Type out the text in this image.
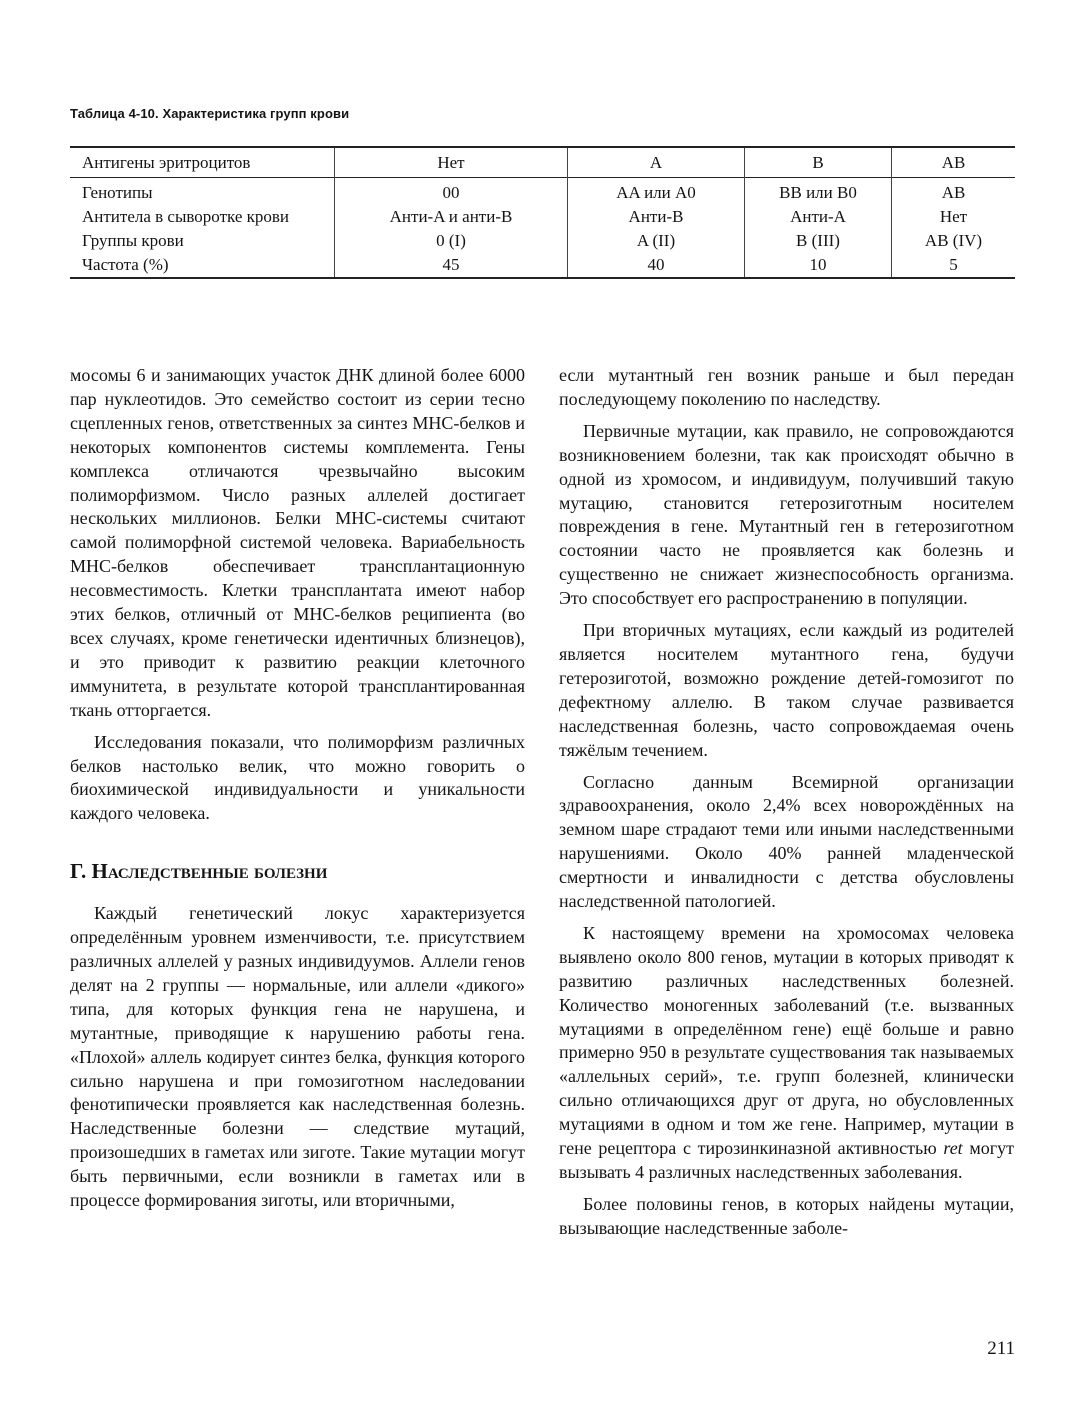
Таблица 4-10. Характеристика групп крови
Антигены эритроцитов	Нет	A	B	AB
Генотипы	00	AA или A0	BB или B0	AB
Антитела в сыворотке крови	Анти-A и анти-B	Анти-B	Анти-A	Нет
Группы крови	0 (I)	A (II)	B (III)	AB (IV)
Частота (%)	45	40	10	5

мосомы 6 и занимающих участок ДНК длиной более 6000 пар нуклеотидов. Это семейство состоит из серии тесно сцепленных генов, ответственных за синтез MHC-белков и некоторых компонентов системы комплемента. Гены комплекса отличаются чрезвычайно высоким полиморфизмом. Число разных аллелей достигает нескольких миллионов. Белки MHC-системы считают самой полиморфной системой человека. Вариабельность MHC-белков обеспечивает трансплантационную несовместимость. Клетки трансплантата имеют набор этих белков, отличный от MHC-белков реципиента (во всех случаях, кроме генетически идентичных близнецов), и это приводит к развитию реакции клеточного иммунитета, в результате которой трансплантированная ткань отторгается.

Исследования показали, что полиморфизм различных белков настолько велик, что можно говорить о биохимической индивидуальности и уникальности каждого человека.

Г. Наследственные болезни

Каждый генетический локус характеризуется определённым уровнем изменчивости, т.е. присутствием различных аллелей у разных индивидуумов. Аллели генов делят на 2 группы — нормальные, или аллели «дикого» типа, для которых функция гена не нарушена, и мутантные, приводящие к нарушению работы гена. «Плохой» аллель кодирует синтез белка, функция которого сильно нарушена и при гомозиготном наследовании фенотипически проявляется как наследственная болезнь. Наследственные болезни — следствие мутаций, произошедших в гаметах или зиготе. Такие мутации могут быть первичными, если возникли в гаметах или в процессе формирования зиготы, или вторичными,

если мутантный ген возник раньше и был передан последующему поколению по наследству.

Первичные мутации, как правило, не сопровождаются возникновением болезни, так как происходят обычно в одной из хромосом, и индивидуум, получивший такую мутацию, становится гетерозиготным носителем повреждения в гене. Мутантный ген в гетерозиготном состоянии часто не проявляется как болезнь и существенно не снижает жизнеспособность организма. Это способствует его распространению в популяции.

При вторичных мутациях, если каждый из родителей является носителем мутантного гена, будучи гетерозиготой, возможно рождение детей-гомозигот по дефектному аллелю. В таком случае развивается наследственная болезнь, часто сопровождаемая очень тяжёлым течением.

Согласно данным Всемирной организации здравоохранения, около 2,4% всех новорождённых на земном шаре страдают теми или иными наследственными нарушениями. Около 40% ранней младенческой смертности и инвалидности с детства обусловлены наследственной патологией.

К настоящему времени на хромосомах человека выявлено около 800 генов, мутации в которых приводят к развитию различных наследственных болезней. Количество моногенных заболеваний (т.е. вызванных мутациями в определённом гене) ещё больше и равно примерно 950 в результате существования так называемых «аллельных серий», т.е. групп болезней, клинически сильно отличающихся друг от друга, но обусловленных мутациями в одном и том же гене. Например, мутации в гене рецептора с тирозинкиназной активностью ret могут вызывать 4 различных наследственных заболевания.

Более половины генов, в которых найдены мутации, вызывающие наследственные заболе-

211
